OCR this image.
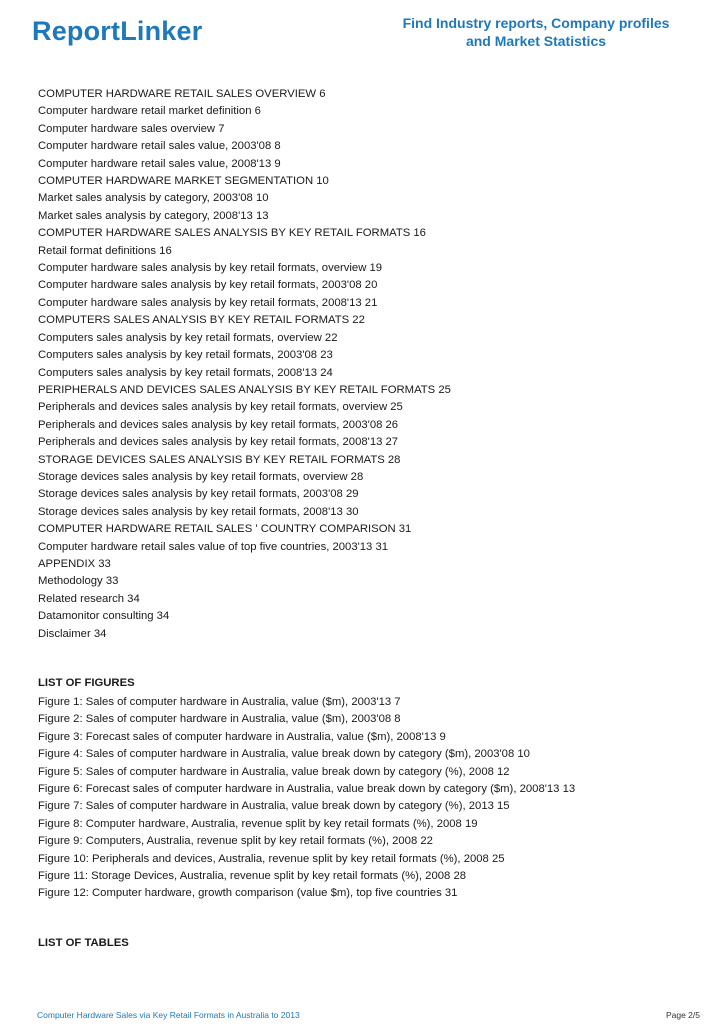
ReportLinker	Find Industry reports, Company profiles
and Market Statistics
COMPUTER HARDWARE RETAIL SALES OVERVIEW 6
Computer hardware retail market definition 6
Computer hardware sales overview 7
Computer hardware retail sales value, 2003'08 8
Computer hardware retail sales value, 2008'13 9
COMPUTER HARDWARE MARKET SEGMENTATION 10
Market sales analysis by category, 2003'08 10
Market sales analysis by category, 2008'13 13
COMPUTER HARDWARE SALES ANALYSIS BY KEY RETAIL FORMATS 16
Retail format definitions 16
Computer hardware sales analysis by key retail formats, overview 19
Computer hardware sales analysis by key retail formats, 2003'08 20
Computer hardware sales analysis by key retail formats, 2008'13 21
COMPUTERS SALES ANALYSIS BY KEY RETAIL FORMATS 22
Computers sales analysis by key retail formats, overview 22
Computers sales analysis by key retail formats, 2003'08 23
Computers sales analysis by key retail formats, 2008'13 24
PERIPHERALS AND DEVICES SALES ANALYSIS BY KEY RETAIL FORMATS 25
Peripherals and devices sales analysis by key retail formats, overview 25
Peripherals and devices sales analysis by key retail formats, 2003'08 26
Peripherals and devices sales analysis by key retail formats, 2008'13 27
STORAGE DEVICES SALES ANALYSIS BY KEY RETAIL FORMATS 28
Storage devices sales analysis by key retail formats, overview 28
Storage devices sales analysis by key retail formats, 2003'08 29
Storage devices sales analysis by key retail formats, 2008'13 30
COMPUTER HARDWARE RETAIL SALES ' COUNTRY COMPARISON 31
Computer hardware retail sales value of top five countries, 2003'13 31
APPENDIX 33
Methodology 33
Related research 34
Datamonitor consulting 34
Disclaimer 34
LIST OF FIGURES
Figure 1: Sales of computer hardware in Australia, value ($m), 2003'13 7
Figure 2: Sales of computer hardware in Australia, value ($m), 2003'08 8
Figure 3: Forecast sales of computer hardware in Australia, value ($m), 2008'13 9
Figure 4: Sales of computer hardware in Australia, value break down by category ($m), 2003'08 10
Figure 5: Sales of computer hardware in Australia, value break down by category (%), 2008 12
Figure 6: Forecast sales of computer hardware in Australia, value break down by category ($m), 2008'13 13
Figure 7: Sales of computer hardware in Australia, value break down by category (%), 2013 15
Figure 8: Computer hardware, Australia, revenue split by key retail formats (%), 2008 19
Figure 9: Computers, Australia, revenue split by key retail formats (%), 2008 22
Figure 10: Peripherals and devices, Australia, revenue split by key retail formats (%), 2008 25
Figure 11: Storage Devices, Australia, revenue split by key retail formats (%), 2008 28
Figure 12: Computer hardware, growth comparison (value $m), top five countries 31
LIST OF TABLES
Computer Hardware Sales via Key Retail Formats in Australia to 2013	Page 2/5
